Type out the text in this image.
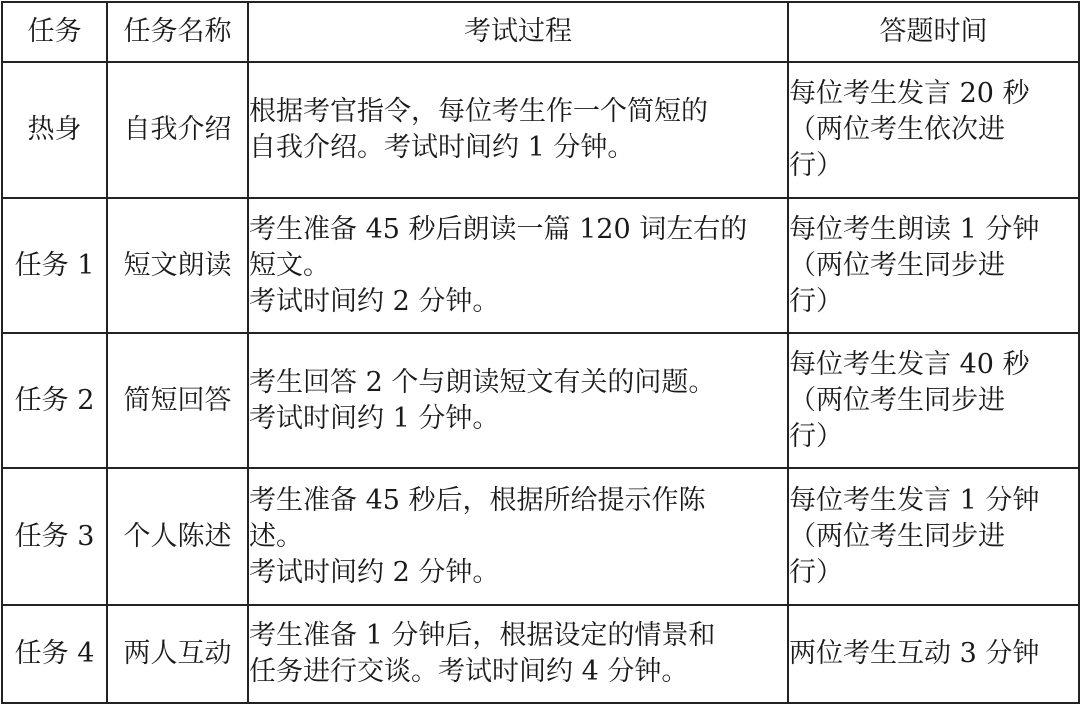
任务	任务名称	考试过程	答题时间
热身	自我介绍	根据考官指令，每位考生作一个简短的
自我介绍。考试时间约 1 分钟。	每位考生发言 20 秒
（两位考生依次进
行）

任务 1	短文朗读	考生准备 45 秒后朗读一篇 120 词左右的
短文。
考试时间约 2 分钟。	每位考生朗读 1 分钟
（两位考生同步进
行）

任务 2	简短回答	考生回答 2 个与朗读短文有关的问题。
考试时间约 1 分钟。	每位考生发言 40 秒
（两位考生同步进
行）

任务 3	个人陈述	考生准备 45 秒后，根据所给提示作陈
述。
考试时间约 2 分钟。	每位考生发言 1 分钟
（两位考生同步进
行）

任务 4	两人互动	考生准备 1 分钟后，根据设定的情景和
任务进行交谈。考试时间约 4 分钟。	两位考生互动 3 分钟
